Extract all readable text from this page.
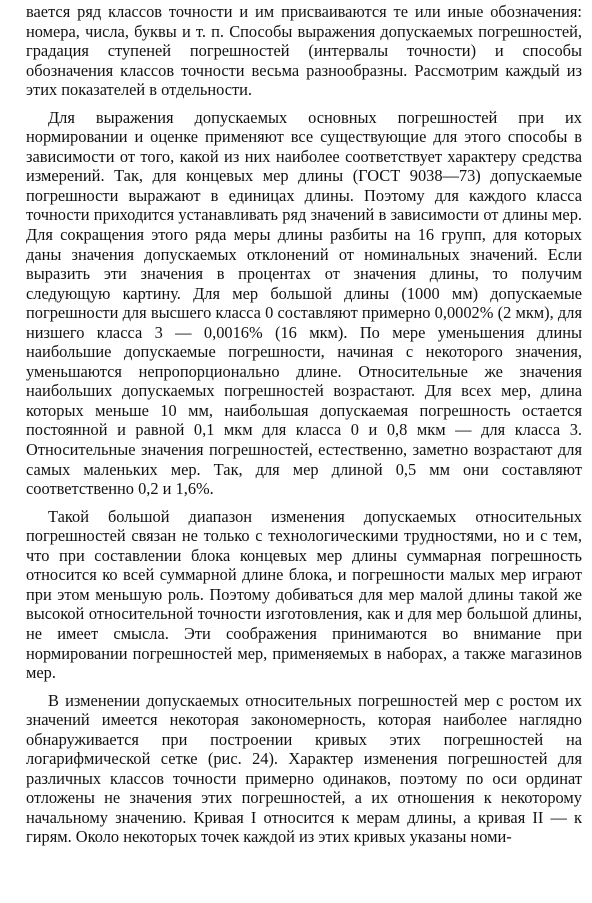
вается ряд классов точности и им присваиваются те или иные обозначения: номера, числа, буквы и т. п. Способы выражения допускаемых погрешностей, градация ступеней погрешностей (интервалы точности) и способы обозначения классов точности весьма разнообразны. Рассмотрим каждый из этих показателей в отдельности.

Для выражения допускаемых основных погрешностей при их нормировании и оценке применяют все существующие для этого способы в зависимости от того, какой из них наиболее соответствует характеру средства измерений. Так, для концевых мер длины (ГОСТ 9038—73) допускаемые погрешности выражают в единицах длины. Поэтому для каждого класса точности приходится устанавливать ряд значений в зависимости от длины мер. Для сокращения этого ряда меры длины разбиты на 16 групп, для которых даны значения допускаемых отклонений от номинальных значений. Если выразить эти значения в процентах от значения длины, то получим следующую картину. Для мер большой длины (1000 мм) допускаемые погрешности для высшего класса 0 составляют примерно 0,0002% (2 мкм), для низшего класса 3 — 0,0016% (16 мкм). По мере уменьшения длины наибольшие допускаемые погрешности, начиная с некоторого значения, уменьшаются непропорционально длине. Относительные же значения наибольших допускаемых погрешностей возрастают. Для всех мер, длина которых меньше 10 мм, наибольшая допускаемая погрешность остается постоянной и равной 0,1 мкм для класса 0 и 0,8 мкм — для класса 3. Относительные значения погрешностей, естественно, заметно возрастают для самых маленьких мер. Так, для мер длиной 0,5 мм они составляют соответственно 0,2 и 1,6%.

Такой большой диапазон изменения допускаемых относительных погрешностей связан не только с технологическими трудностями, но и с тем, что при составлении блока концевых мер длины суммарная погрешность относится ко всей суммарной длине блока, и погрешности малых мер играют при этом меньшую роль. Поэтому добиваться для мер малой длины такой же высокой относительной точности изготовления, как и для мер большой длины, не имеет смысла. Эти соображения принимаются во внимание при нормировании погрешностей мер, применяемых в наборах, а также магазинов мер.

В изменении допускаемых относительных погрешностей мер с ростом их значений имеется некоторая закономерность, которая наиболее наглядно обнаруживается при построении кривых этих погрешностей на логарифмической сетке (рис. 24). Характер изменения погрешностей для различных классов точности примерно одинаков, поэтому по оси ординат отложены не значения этих погрешностей, а их отношения к некоторому начальному значению. Кривая I относится к мерам длины, а кривая II — к гирям. Около некоторых точек каждой из этих кривых указаны номи-
